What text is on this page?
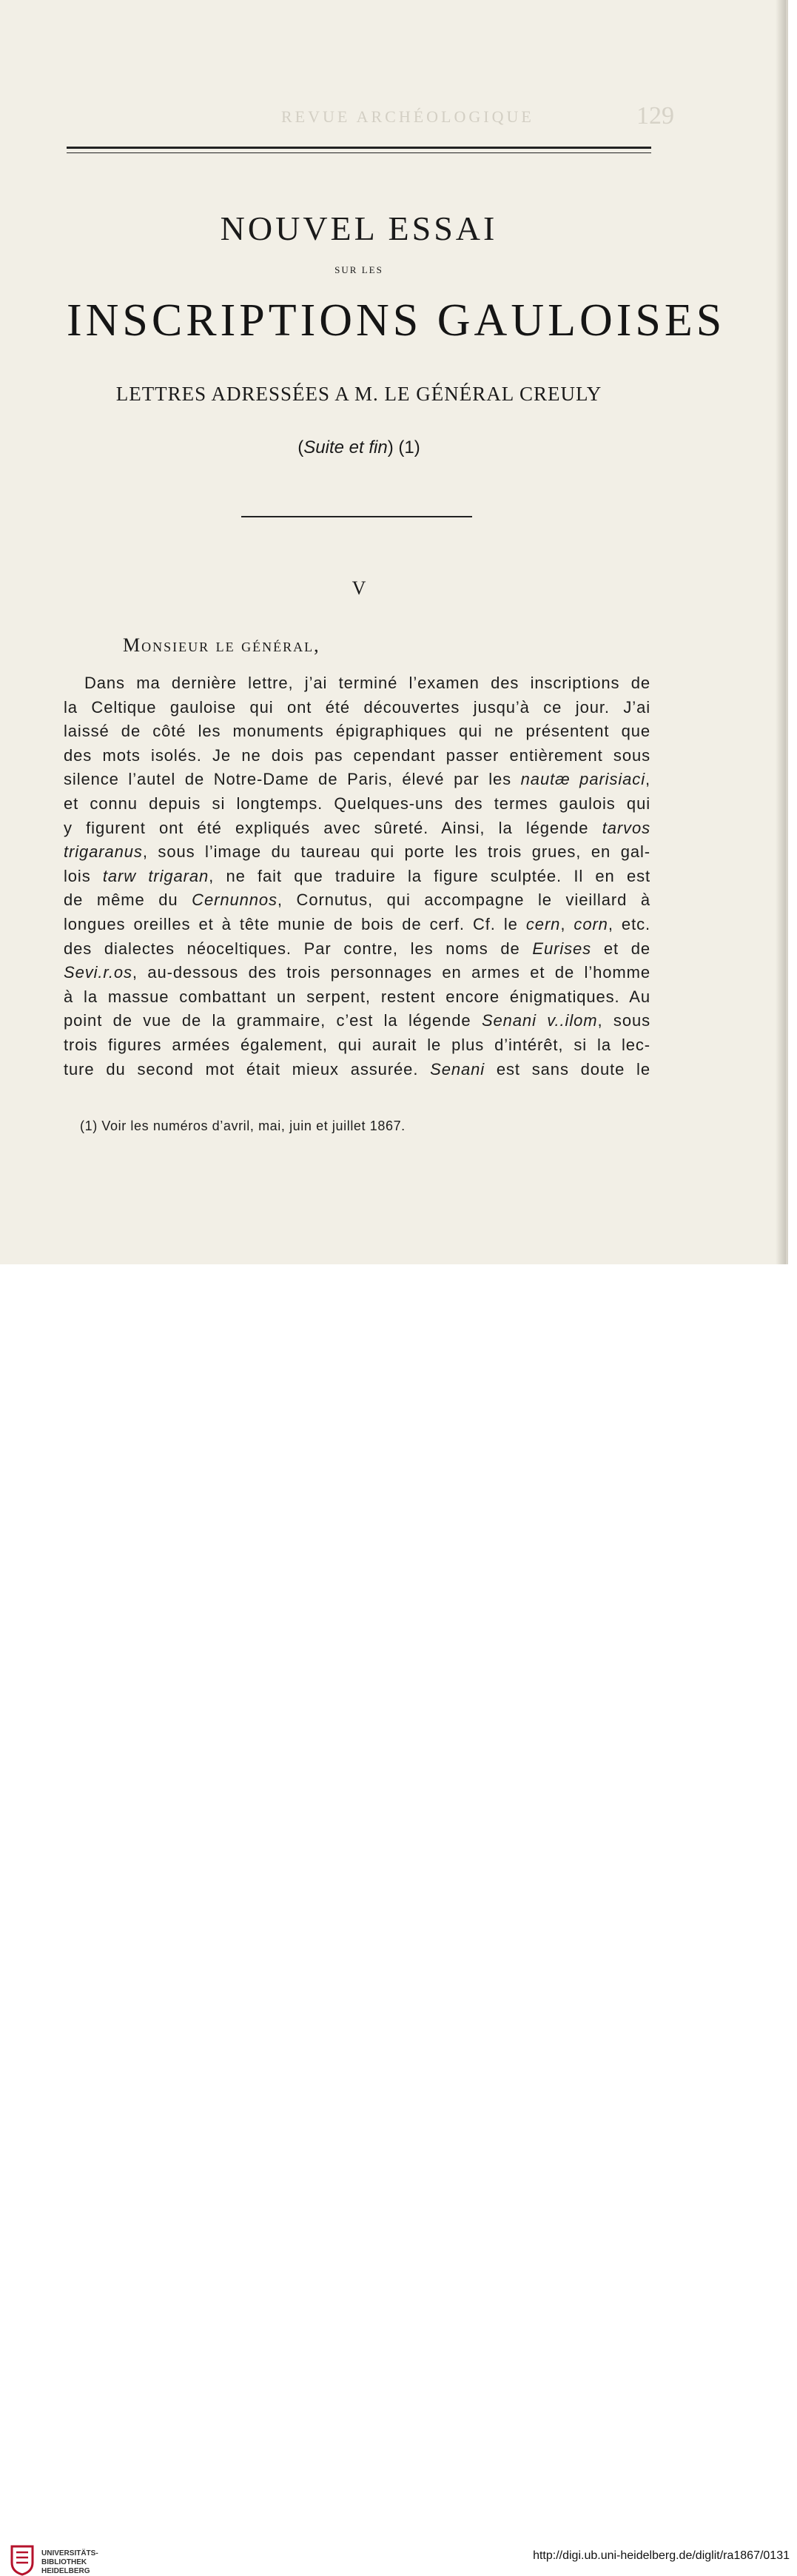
REVUE ARCHÉOLOGIQUE	129
NOUVEL ESSAI
SUR LES
INSCRIPTIONS GAULOISES
LETTRES ADRESSÉES A M. LE GÉNÉRAL CREULY
(Suite et fin) (1)
V
Monsieur le général,
Dans ma dernière lettre, j’ai terminé l’examen des inscriptions de
la Celtique gauloise qui ont été découvertes jusqu’à ce jour. J’ai
laissé de côté les monuments épigraphiques qui ne présentent que
des mots isolés. Je ne dois pas cependant passer entièrement sous
silence l’autel de Notre-Dame de Paris, élevé par les nautæ parisiaci,
et connu depuis si longtemps. Quelques-uns des termes gaulois qui
y figurent ont été expliqués avec sûreté. Ainsi, la légende tarvos
trigaranus, sous l’image du taureau qui porte les trois grues, en gal-
lois tarw trigaran, ne fait que traduire la figure sculptée. Il en est
de même du Cernunnos, Cornutus, qui accompagne le vieillard à
longues oreilles et à tête munie de bois de cerf. Cf. le cern, corn, etc.
des dialectes néoceltiques. Par contre, les noms de Eurises et de
Sevi.r.os, au-dessous des trois personnages en armes et de l’homme
à la massue combattant un serpent, restent encore énigmatiques. Au
point de vue de la grammaire, c’est la légende Senani v..ilom, sous
trois figures armées également, qui aurait le plus d’intérêt, si la lec-
ture du second mot était mieux assurée. Senani est sans doute le
(1) Voir les numéros d’avril, mai, juin et juillet 1867.
UNIVERSITÄTS-
BIBLIOTHEK
HEIDELBERG
http://digi.ub.uni-heidelberg.de/diglit/ra1867/0131
